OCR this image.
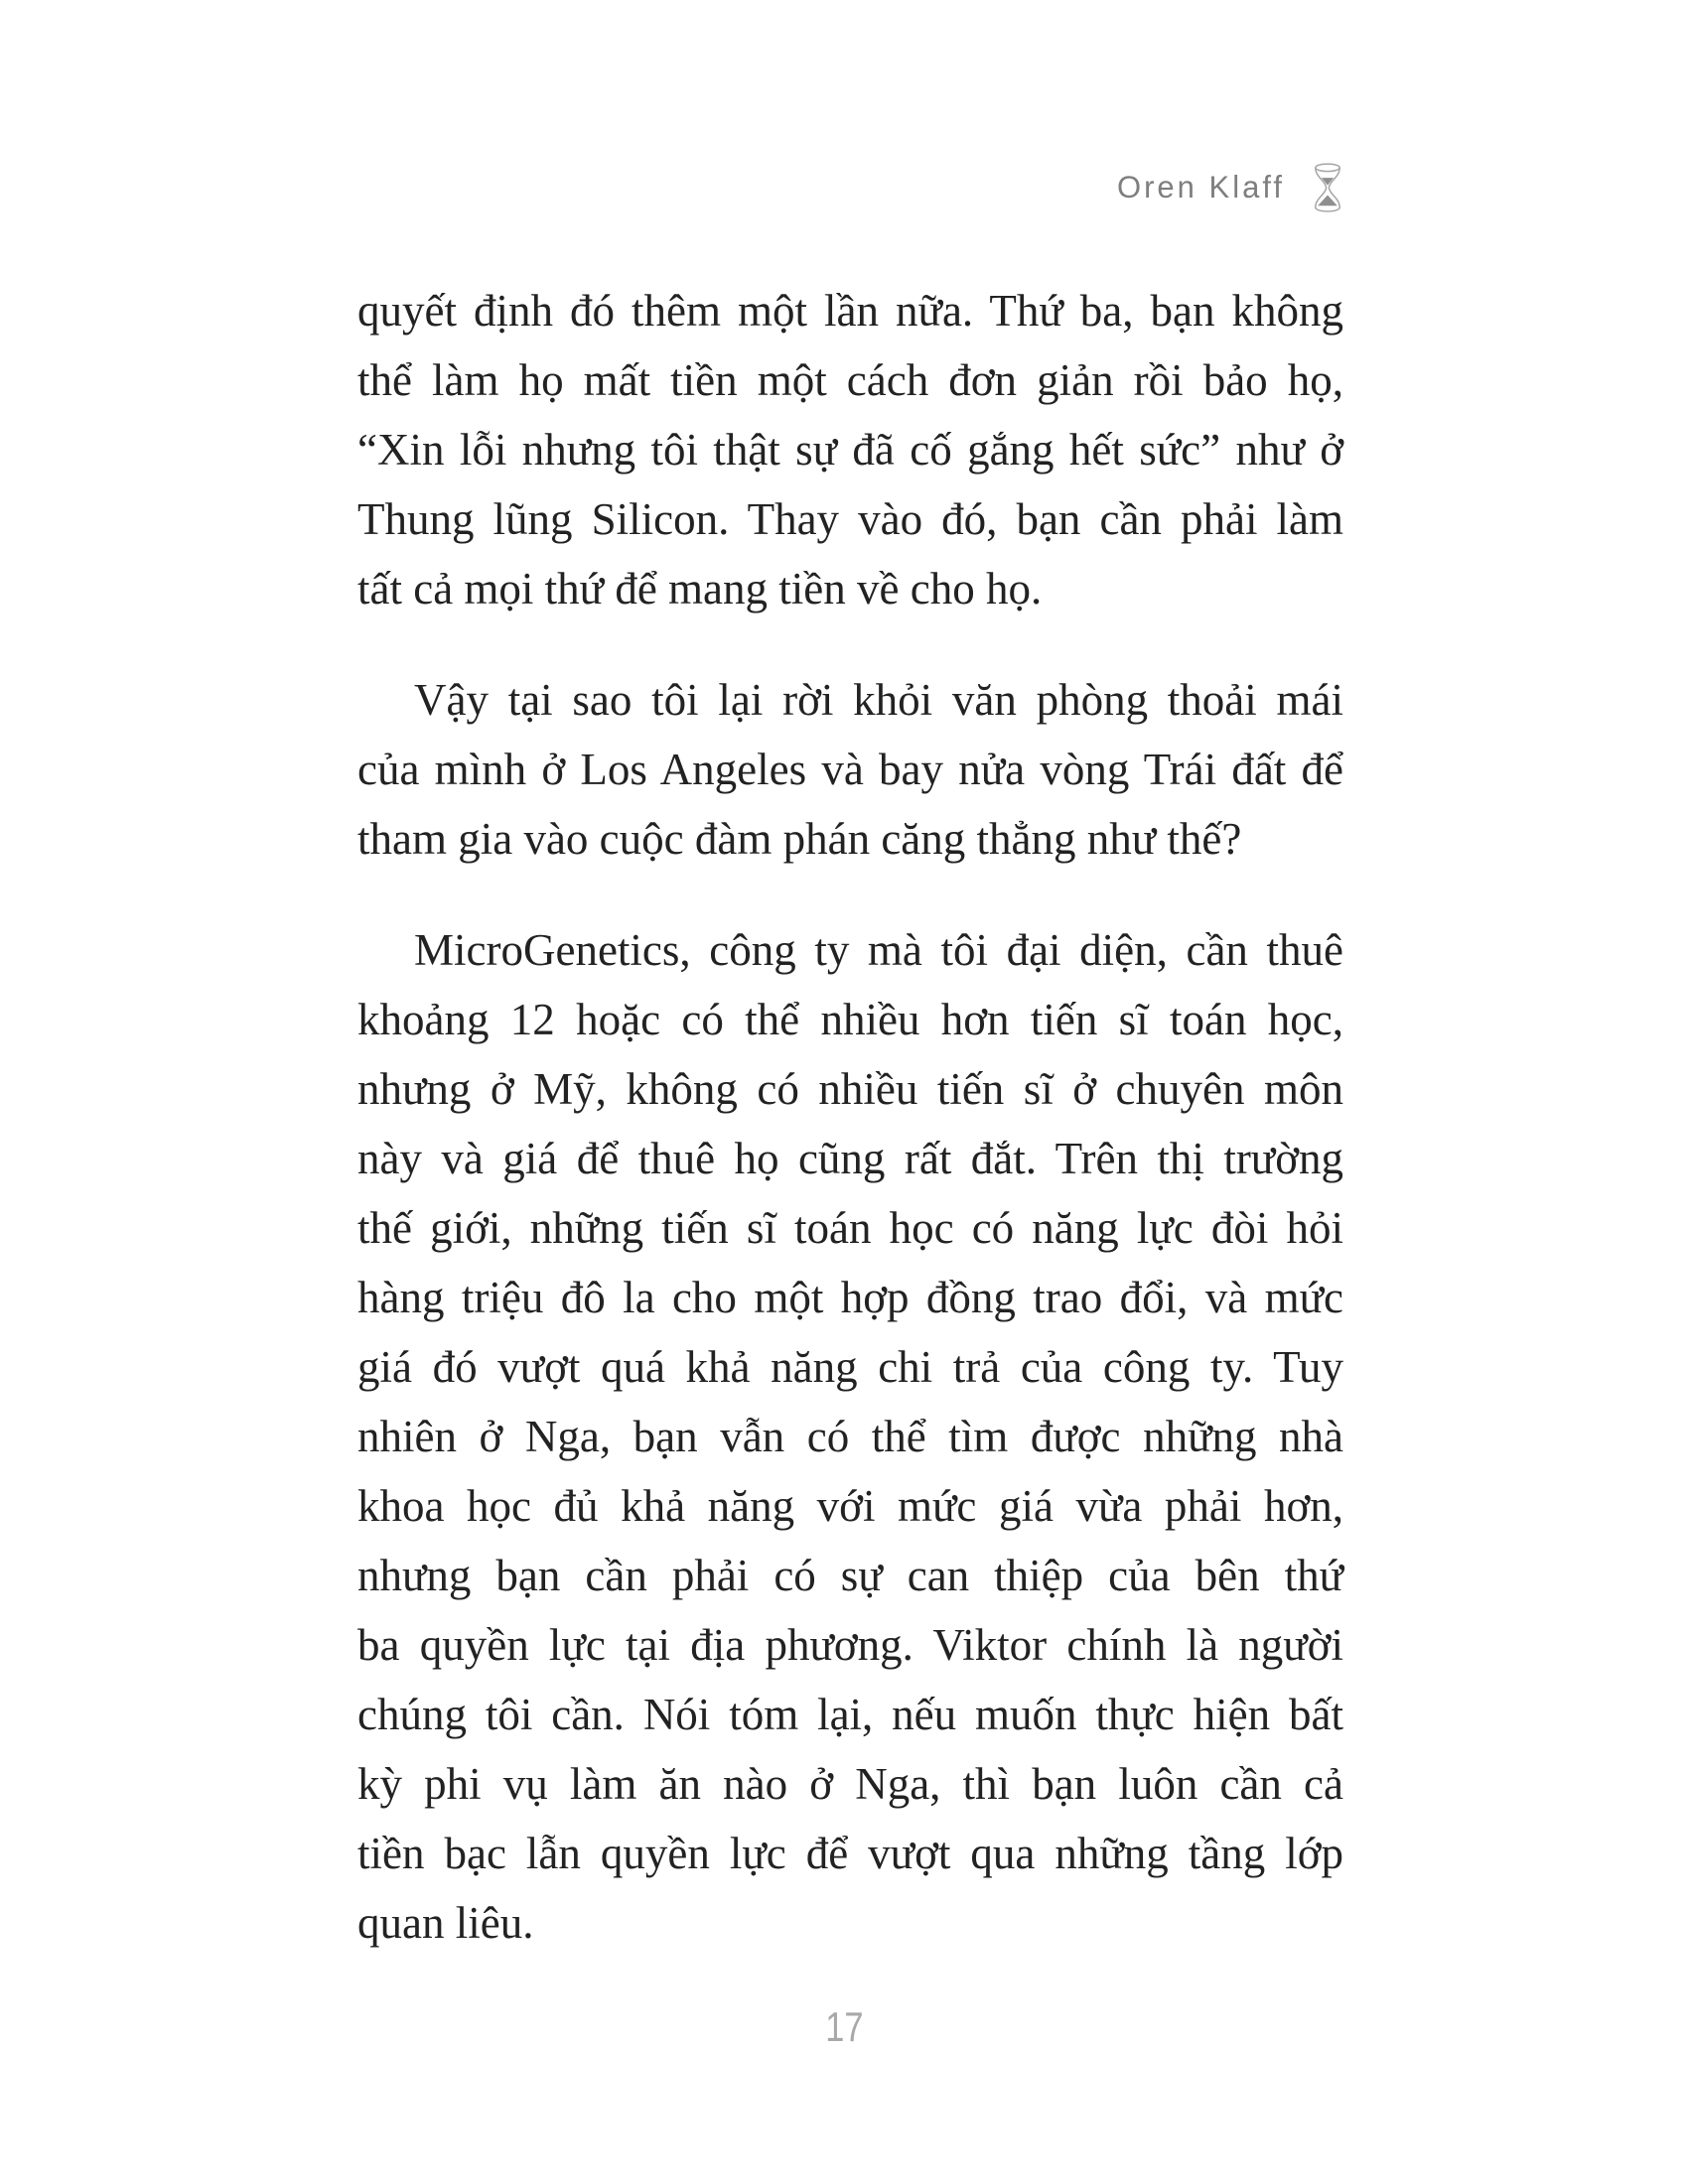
Oren Klaff
quyết định đó thêm một lần nữa. Thứ ba, bạn không
thể làm họ mất tiền một cách đơn giản rồi bảo họ,
“Xin lỗi nhưng tôi thật sự đã cố gắng hết sức” như ở
Thung lũng Silicon. Thay vào đó, bạn cần phải làm
tất cả mọi thứ để mang tiền về cho họ.
Vậy tại sao tôi lại rời khỏi văn phòng thoải mái
của mình ở Los Angeles và bay nửa vòng Trái đất để
tham gia vào cuộc đàm phán căng thẳng như thế?
MicroGenetics, công ty mà tôi đại diện, cần thuê
khoảng 12 hoặc có thể nhiều hơn tiến sĩ toán học,
nhưng ở Mỹ, không có nhiều tiến sĩ ở chuyên môn
này và giá để thuê họ cũng rất đắt. Trên thị trường
thế giới, những tiến sĩ toán học có năng lực đòi hỏi
hàng triệu đô la cho một hợp đồng trao đổi, và mức
giá đó vượt quá khả năng chi trả của công ty. Tuy
nhiên ở Nga, bạn vẫn có thể tìm được những nhà
khoa học đủ khả năng với mức giá vừa phải hơn,
nhưng bạn cần phải có sự can thiệp của bên thứ
ba quyền lực tại địa phương. Viktor chính là người
chúng tôi cần. Nói tóm lại, nếu muốn thực hiện bất
kỳ phi vụ làm ăn nào ở Nga, thì bạn luôn cần cả
tiền bạc lẫn quyền lực để vượt qua những tầng lớp
quan liêu.
17
